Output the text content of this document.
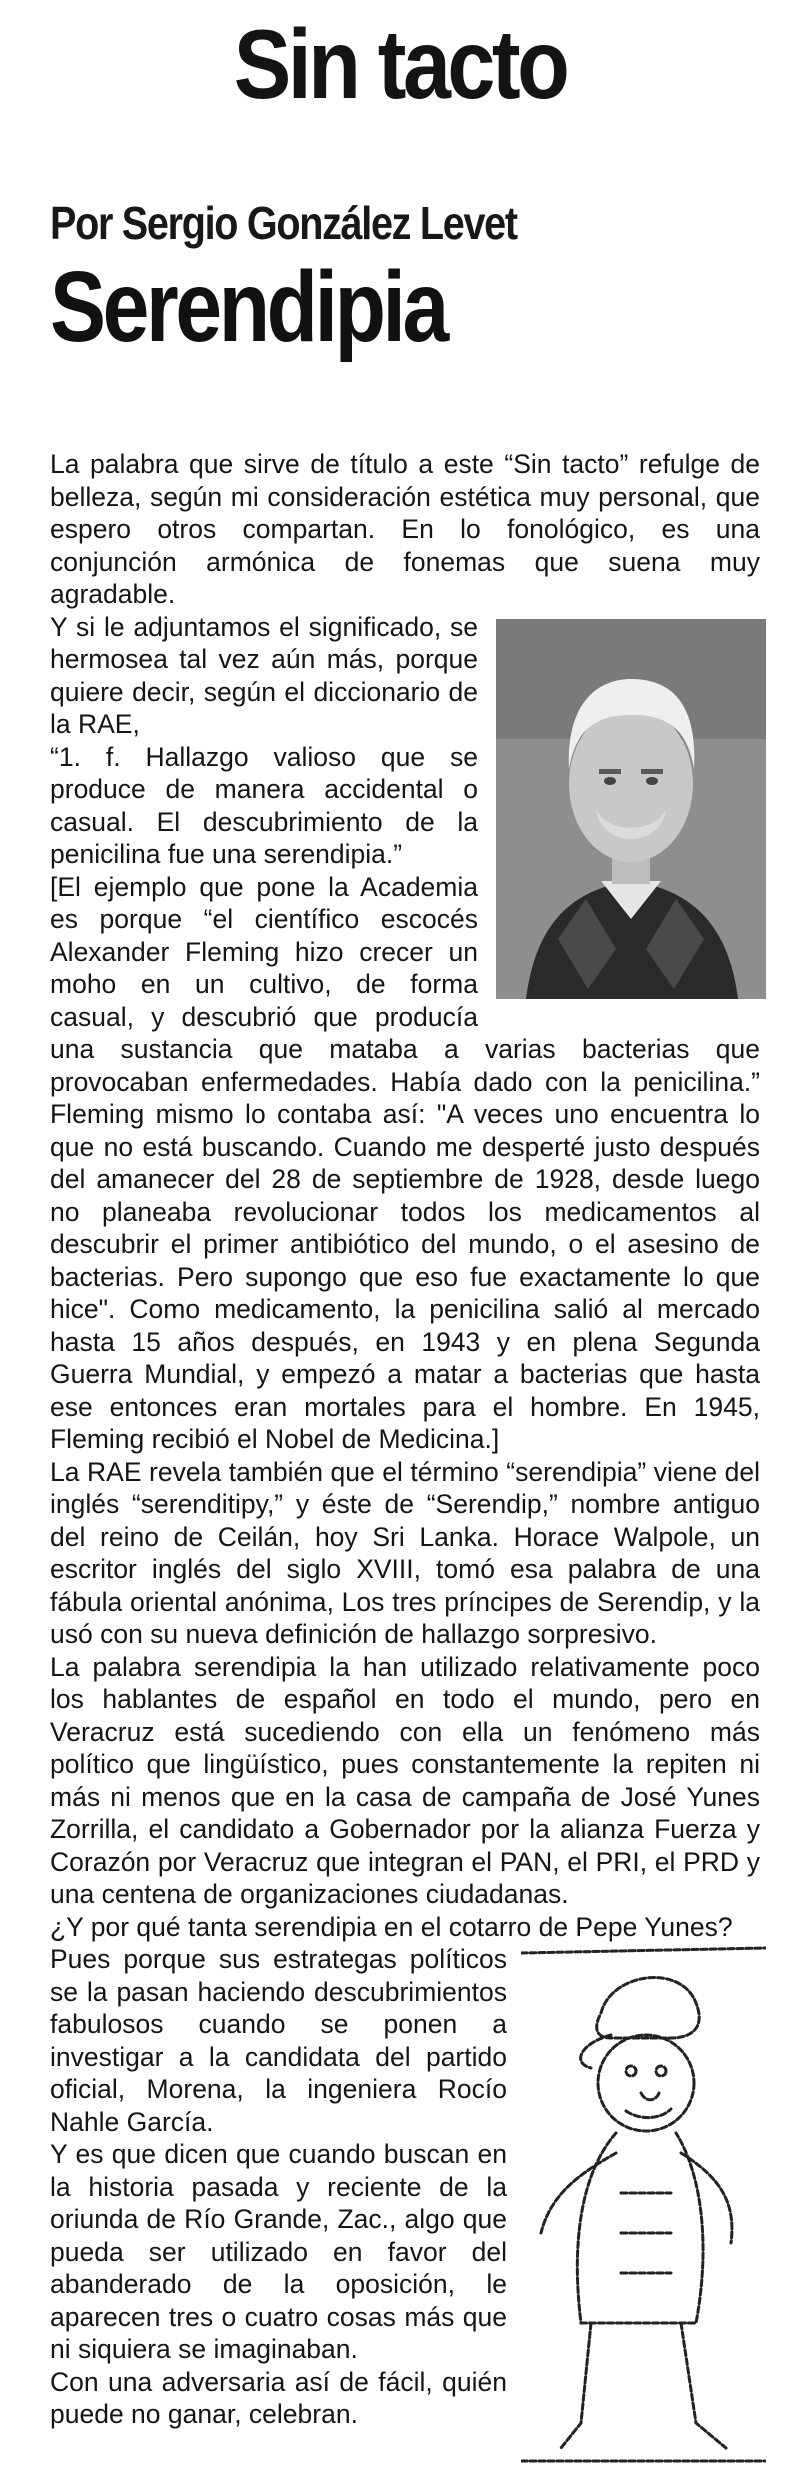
Sin tacto
Por Sergio González Levet
Serendipia

La palabra que sirve de título a este “Sin tacto” refulge de belleza, según mi consideración estética muy personal, que espero otros compartan. En lo fonológico, es una conjunción armónica de fonemas que suena muy agradable.

Y si le adjuntamos el significado, se hermosea tal vez aún más, porque quiere decir, según el diccionario de la RAE,

“1. f. Hallazgo valioso que se produce de manera accidental o casual. El descubrimiento de la penicilina fue una serendipia.”

[El ejemplo que pone la Academia es porque “el científico escocés Alexander Fleming hizo crecer un moho en un cultivo, de forma casual, y descubrió que producía una sustancia que mataba a varias bacterias que provocaban enfermedades. Había dado con la penicilina.” Fleming mismo lo contaba así: "A veces uno encuentra lo que no está buscando. Cuando me desperté justo después del amanecer del 28 de septiembre de 1928, desde luego no planeaba revolucionar todos los medicamentos al descubrir el primer antibiótico del mundo, o el asesino de bacterias. Pero supongo que eso fue exactamente lo que hice". Como medicamento, la penicilina salió al mercado hasta 15 años después, en 1943 y en plena Segunda Guerra Mundial, y empezó a matar a bacterias que hasta ese entonces eran mortales para el hombre. En 1945, Fleming recibió el Nobel de Medicina.]

La RAE revela también que el término “serendipia” viene del inglés “serenditipy,” y éste de “Serendip,” nombre antiguo del reino de Ceilán, hoy Sri Lanka. Horace Walpole, un escritor inglés del siglo XVIII, tomó esa palabra de una fábula oriental anónima, Los tres príncipes de Serendip, y la usó con su nueva definición de hallazgo sorpresivo.

La palabra serendipia la han utilizado relativamente poco los hablantes de español en todo el mundo, pero en Veracruz está sucediendo con ella un fenómeno más político que lingüístico, pues constantemente la repiten ni más ni menos que en la casa de campaña de José Yunes Zorrilla, el candidato a Gobernador por la alianza Fuerza y Corazón por Veracruz que integran el PAN, el PRI, el PRD y una centena de organizaciones ciudadanas.

¿Y por qué tanta serendipia en el cotarro de Pepe Yunes?

Pues porque sus estrategas políticos se la pasan haciendo descubrimientos fabulosos cuando se ponen a investigar a la candidata del partido oficial, Morena, la ingeniera Rocío Nahle García.

Y es que dicen que cuando buscan en la historia pasada y reciente de la oriunda de Río Grande, Zac., algo que pueda ser utilizado en favor del abanderado de la oposición, le aparecen tres o cuatro cosas más que ni siquiera se imaginaban.

Con una adversaria así de fácil, quién puede no ganar, celebran.
